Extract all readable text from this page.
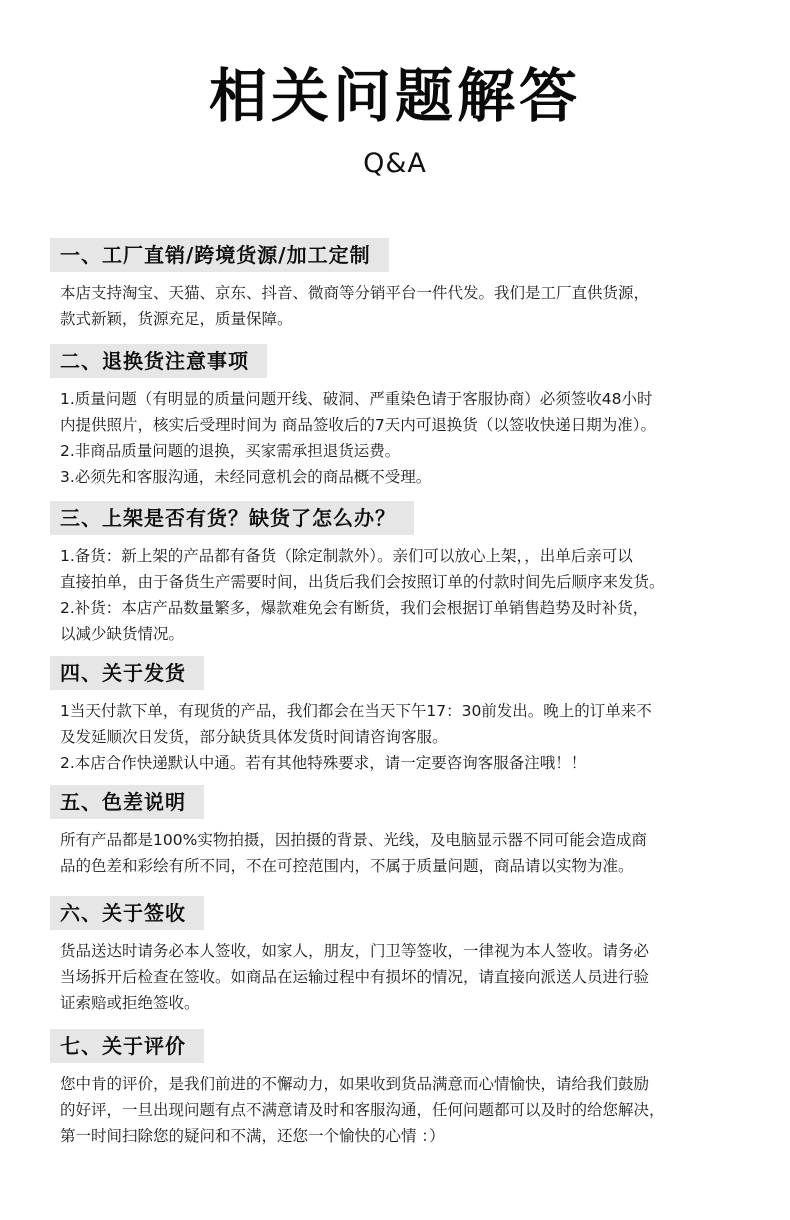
相关问题解答
Q&A
一、工厂直销/跨境货源/加工定制

本店支持淘宝、天猫、京东、抖音、微商等分销平台一件代发。我们是工厂直供货源，

款式新颖，货源充足，质量保障。

二、退换货注意事项

1.质量问题（有明显的质量问题开线、破洞、严重染色请于客服协商）必须签收48小时

内提供照片，核实后受理时间为 商品签收后的7天内可退换货（以签收快递日期为准）。

2.非商品质量问题的退换，买家需承担退货运费。

3.必须先和客服沟通，未经同意机会的商品概不受理。

三、上架是否有货？缺货了怎么办？

1.备货：新上架的产品都有备货（除定制款外）。亲们可以放心上架，，出单后亲可以

直接拍单，由于备货生产需要时间，出货后我们会按照订单的付款时间先后顺序来发货。

2.补货：本店产品数量繁多，爆款难免会有断货，我们会根据订单销售趋势及时补货，

以减少缺货情况。

四、关于发货

1当天付款下单，有现货的产品，我们都会在当天下午17：30前发出。晚上的订单来不

及发延顺次日发货，部分缺货具体发货时间请咨询客服。

2.本店合作快递默认中通。若有其他特殊要求，请一定要咨询客服备注哦！！

五、色差说明

所有产品都是100%实物拍摄，因拍摄的背景、光线，及电脑显示器不同可能会造成商

品的色差和彩绘有所不同，不在可控范围内，不属于质量问题，商品请以实物为准。

六、关于签收

货品送达时请务必本人签收，如家人，朋友，门卫等签收，一律视为本人签收。请务必

当场拆开后检查在签收。如商品在运输过程中有损坏的情况，请直接向派送人员进行验

证索赔或拒绝签收。

七、关于评价

您中肯的评价，是我们前进的不懈动力，如果收到货品满意而心情愉快，请给我们鼓励

的好评，一旦出现问题有点不满意请及时和客服沟通，任何问题都可以及时的给您解决，

第一时间扫除您的疑问和不满，还您一个愉快的心情 ：）
